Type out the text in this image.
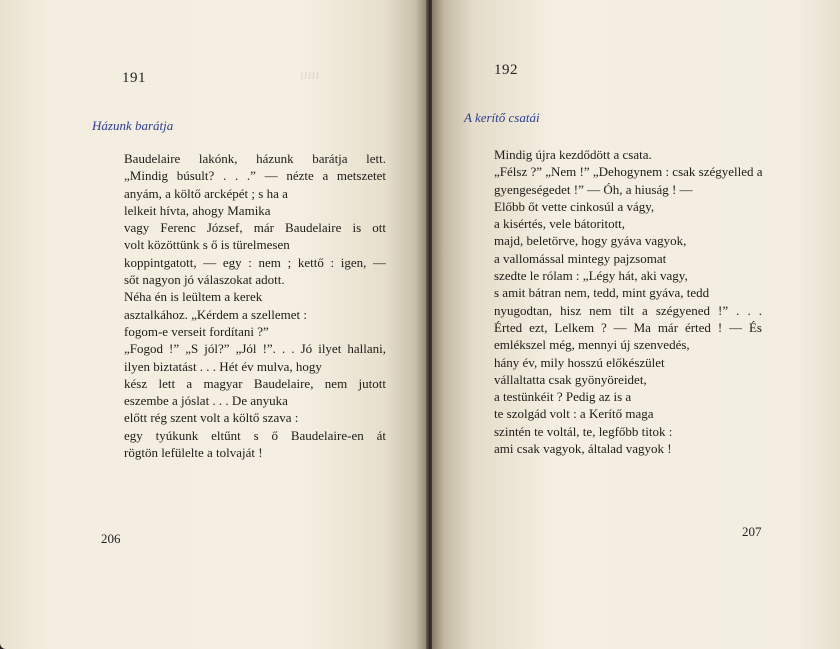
ııııı
191
Házunk barátja
Baudelaire lakónk, házunk barátja lett.
„Mindig búsult? . . .” — nézte a metszetet
anyám, a költő arcképét ; s ha a
lelkeit hívta, ahogy Mamika
vagy Ferenc József, már Baudelaire is ott
volt közöttünk s ő is türelmesen
koppintgatott, — egy : nem ; kettő : igen, —
sőt nagyon jó válaszokat adott.
Néha én is leültem a kerek
asztalkához. „Kérdem a szellemet :
fogom-e verseit fordítani ?”
„Fogod !” „S jól?” „Jól !”. . . Jó ilyet hallani,
ilyen biztatást . . . Hét év mulva, hogy
kész lett a magyar Baudelaire, nem jutott
eszembe a jóslat . . . De anyuka
előtt rég szent volt a költő szava :
egy tyúkunk eltűnt s ő Baudelaire-en át
rögtön lefülelte a tolvaját !
206
192
A kerítő csatái
Mindig újra kezdődött a csata.
„Félsz ?” „Nem !” „Dehogynem : csak szégyelled a
gyengeségedet !” — Óh, a hiuság ! —
Előbb őt vette cinkosúl a vágy,
a kisértés, vele bátoritott,
majd, beletörve, hogy gyáva vagyok,
a vallomással mintegy pajzsomat
szedte le rólam : „Légy hát, aki vagy,
s amit bátran nem, tedd, mint gyáva, tedd
nyugodtan, hisz nem tilt a szégyened !” . . .
Érted ezt, Lelkem ? — Ma már érted ! — És
emlékszel még, mennyi új szenvedés,
hány év, mily hosszú előkészület
vállaltatta csak gyönyöreidet,
a testünkéit ? Pedig az is a
te szolgád volt : a Kerítő maga
szintén te voltál, te, legfőbb titok :
ami csak vagyok, általad vagyok !
207
